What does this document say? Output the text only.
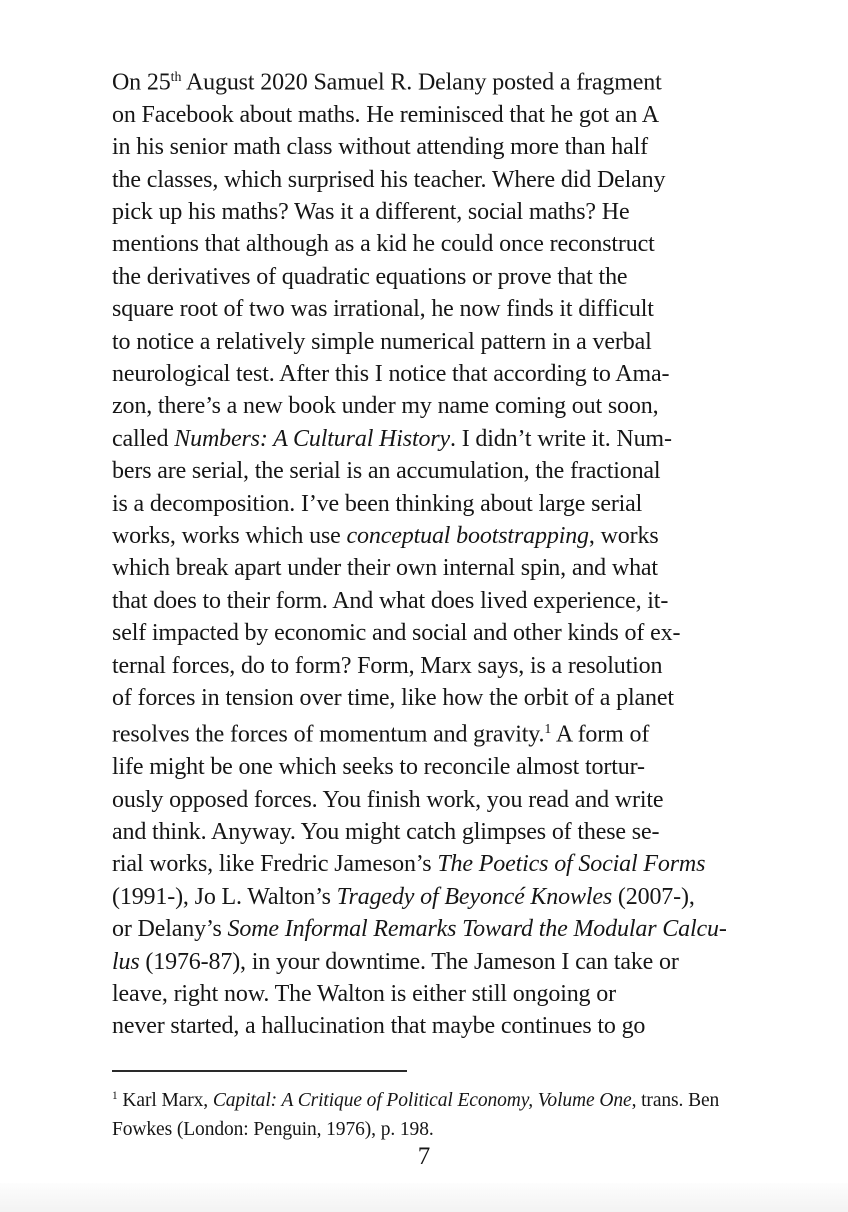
On 25th August 2020 Samuel R. Delany posted a fragment
on Facebook about maths. He reminisced that he got an A
in his senior math class without attending more than half
the classes, which surprised his teacher. Where did Delany
pick up his maths? Was it a different, social maths? He
mentions that although as a kid he could once reconstruct
the derivatives of quadratic equations or prove that the
square root of two was irrational, he now finds it difficult
to notice a relatively simple numerical pattern in a verbal
neurological test. After this I notice that according to Ama-
zon, there’s a new book under my name coming out soon,
called Numbers: A Cultural History. I didn’t write it. Num-
bers are serial, the serial is an accumulation, the fractional
is a decomposition. I’ve been thinking about large serial
works, works which use conceptual bootstrapping, works
which break apart under their own internal spin, and what
that does to their form. And what does lived experience, it-
self impacted by economic and social and other kinds of ex-
ternal forces, do to form? Form, Marx says, is a resolution
of forces in tension over time, like how the orbit of a planet
resolves the forces of momentum and gravity.$^1$ A form of
life might be one which seeks to reconcile almost tortur-
ously opposed forces. You finish work, you read and write
and think. Anyway. You might catch glimpses of these se-
rial works, like Fredric Jameson’s The Poetics of Social Forms
(1991-), Jo L. Walton’s Tragedy of Beyoncé Knowles (2007-),
or Delany’s Some Informal Remarks Toward the Modular Calcu-
lus (1976-87), in your downtime. The Jameson I can take or
leave, right now. The Walton is either still ongoing or
never started, a hallucination that maybe continues to go
$^1$ Karl Marx, Capital: A Critique of Political Economy, Volume One, trans. Ben
Fowkes (London: Penguin, 1976), p. 198.
7
